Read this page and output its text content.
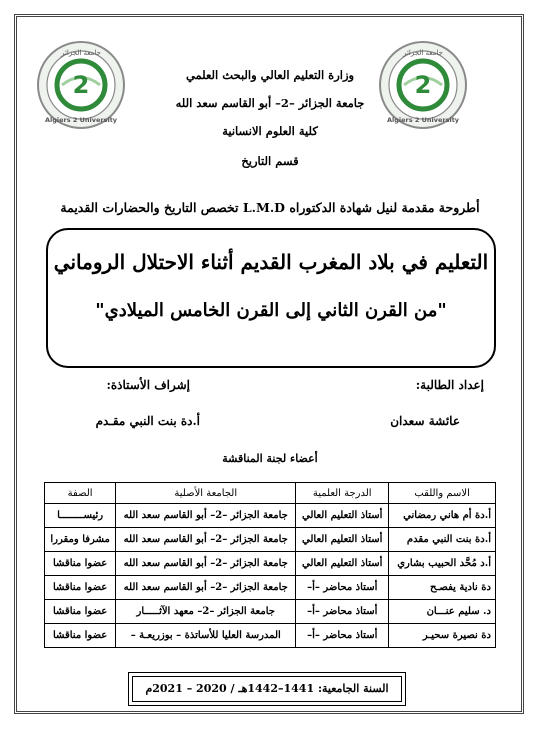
2
جامعة الجزائر
Algiers 2 University
2
جامعة الجزائر
Algiers 2 University
وزارة التعليم العالي والبحث العلمي
جامعة الجزائر –2– أبو القاسم سعد الله
كلية العلوم الانسانية
قسم التاريخ
أطروحة مقدمة لنيل شهادة الدكتوراه L.M.D تخصص التاريخ والحضارات القديمة
التعليم في بلاد المغرب القديم أثناء الاحتلال الروماني
"من القرن الثاني إلى القرن الخامس الميلادي"
إعداد الطالبة:
إشراف الأستاذة:
عائشة سعدان
أ.دة بنت النبي مقـدم
أعضاء لجنة المناقشة
الاسم واللقب	الدرجة العلمية	الجامعة الأصلية	الصفة
أ.دة أم هاني رمضاني	أستاذ التعليم العالي	جامعة الجزائر –2– أبو القاسم سعد الله	رئيســــــــا
أ.دة بنت النبي مقدم	أستاذ التعليم العالي	جامعة الجزائر –2– أبو القاسم سعد الله	مشرفا ومقررا
أ.د مُحَّد الحبيب بشاري	أستاذ التعليم العالي	جامعة الجزائر –2– أبو القاسم سعد الله	عضوا مناقشا
دة نادية يفصـح	أستاذ محاضر –أ–	جامعة الجزائر –2– أبو القاسم سعد الله	عضوا مناقشا
د. سليم عنـــان	أستاذ محاضر –أ–	جامعة الجزائر –2– معهد الآثـــــار	عضوا مناقشا
دة نصيرة سحيـر	أستاذ محاضر –أ–	المدرسة العليا للأساتذة – بوزريعـة –	عضوا مناقشا
السنة الجامعية: 1441–1442هـ / 2020 – 2021م
